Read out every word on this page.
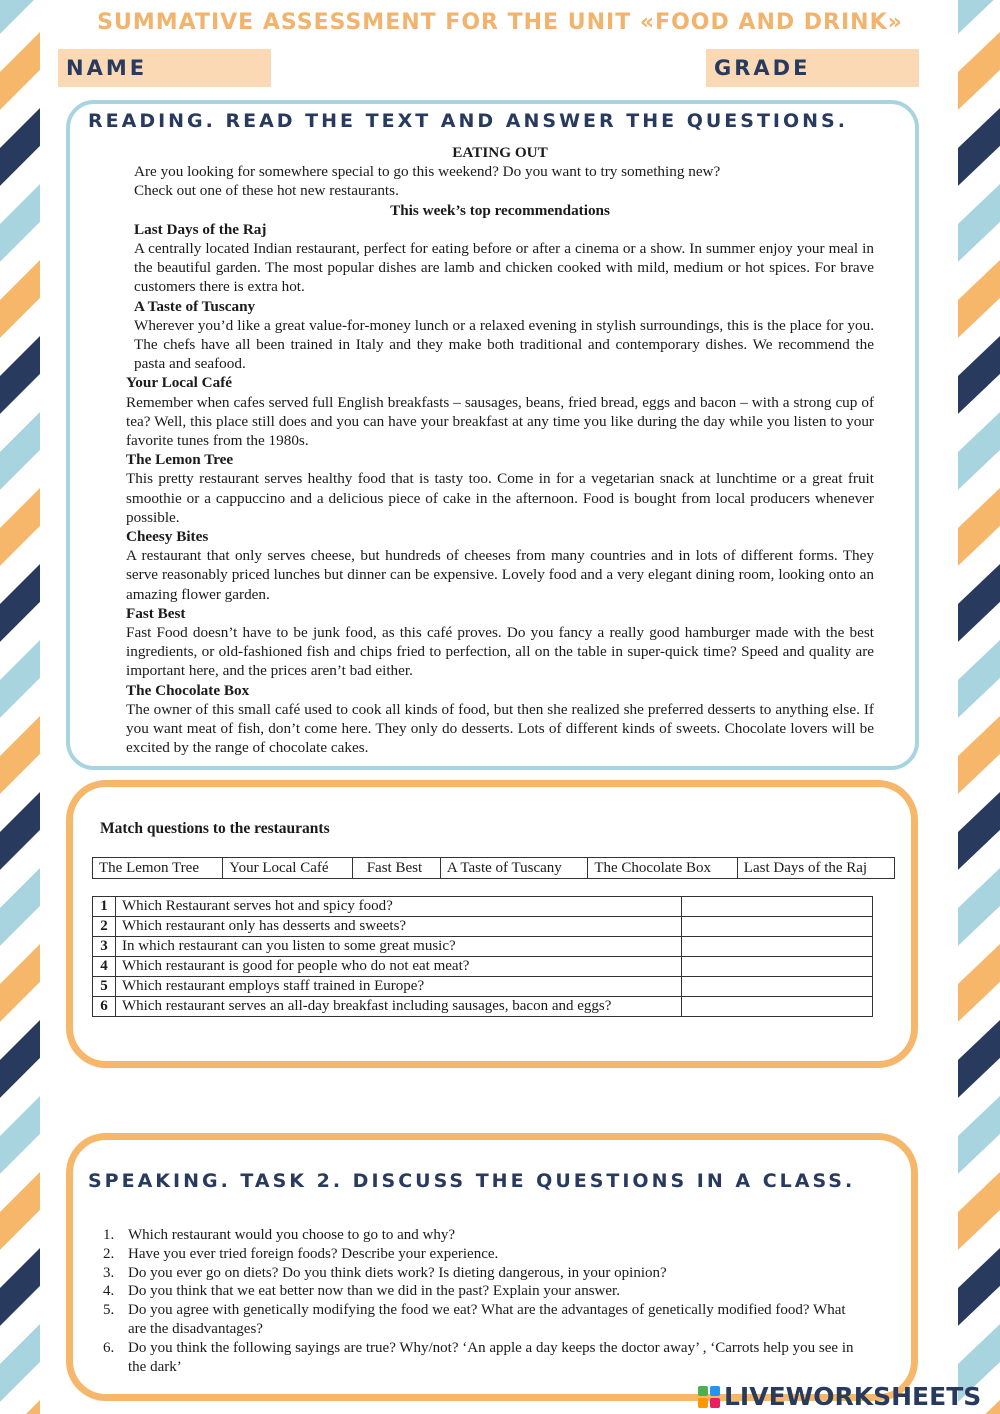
SUMMATIVE ASSESSMENT FOR THE UNIT «FOOD AND DRINK»
NAME	GRADE
READING. READ THE TEXT AND ANSWER THE QUESTIONS.
EATING OUT
Are you looking for somewhere special to go this weekend? Do you want to try something new?
Check out one of these hot new restaurants.
This week’s top recommendations
Last Days of the Raj
A centrally located Indian restaurant, perfect for eating before or after a cinema or a show. In summer enjoy your meal in the beautiful garden. The most popular dishes are lamb and chicken cooked with mild, medium or hot spices. For brave customers there is extra hot.
A Taste of Tuscany
Wherever you’d like a great value-for-money lunch or a relaxed evening in stylish surroundings, this is the place for you. The chefs have all been trained in Italy and they make both traditional and contemporary dishes. We recommend the pasta and seafood.
Your Local Café
Remember when cafes served full English breakfasts – sausages, beans, fried bread, eggs and bacon – with a strong cup of tea? Well, this place still does and you can have your breakfast at any time you like during the day while you listen to your favorite tunes from the 1980s.
The Lemon Tree
This pretty restaurant serves healthy food that is tasty too. Come in for a vegetarian snack at lunchtime or a great fruit smoothie or a cappuccino and a delicious piece of cake in the afternoon. Food is bought from local producers whenever possible.
Cheesy Bites
A restaurant that only serves cheese, but hundreds of cheeses from many countries and in lots of different forms. They serve reasonably priced lunches but dinner can be expensive. Lovely food and a very elegant dining room, looking onto an amazing flower garden.
Fast Best
Fast Food doesn’t have to be junk food, as this café proves. Do you fancy a really good hamburger made with the best ingredients, or old-fashioned fish and chips fried to perfection, all on the table in super-quick time? Speed and quality are important here, and the prices aren’t bad either.
The Chocolate Box
The owner of this small café used to cook all kinds of food, but then she realized she preferred desserts to anything else. If you want meat of fish, don’t come here. They only do desserts. Lots of different kinds of sweets. Chocolate lovers will be excited by the range of chocolate cakes.
Match questions to the restaurants
The Lemon Tree	Your Local Café	Fast Best	A Taste of Tuscany	The Chocolate Box	Last Days of the Raj
1	Which Restaurant serves hot and spicy food?	
2	Which restaurant only has desserts and sweets?	
3	In which restaurant can you listen to some great music?	
4	Which restaurant is good for people who do not eat meat?	
5	Which restaurant employs staff trained in Europe?	
6	Which restaurant serves an all-day breakfast including sausages, bacon and eggs?	
SPEAKING. TASK 2. DISCUSS THE QUESTIONS IN A CLASS.
1. Which restaurant would you choose to go to and why?
2. Have you ever tried foreign foods? Describe your experience.
3. Do you ever go on diets? Do you think diets work? Is dieting dangerous, in your opinion?
4. Do you think that we eat better now than we did in the past? Explain your answer.
5. Do you agree with genetically modifying the food we eat? What are the advantages of genetically modified food? What are the disadvantages?
6. Do you think the following sayings are true? Why/not? ‘An apple a day keeps the doctor away’ , ‘Carrots help you see in the dark’
LIVEWORKSHEETS
